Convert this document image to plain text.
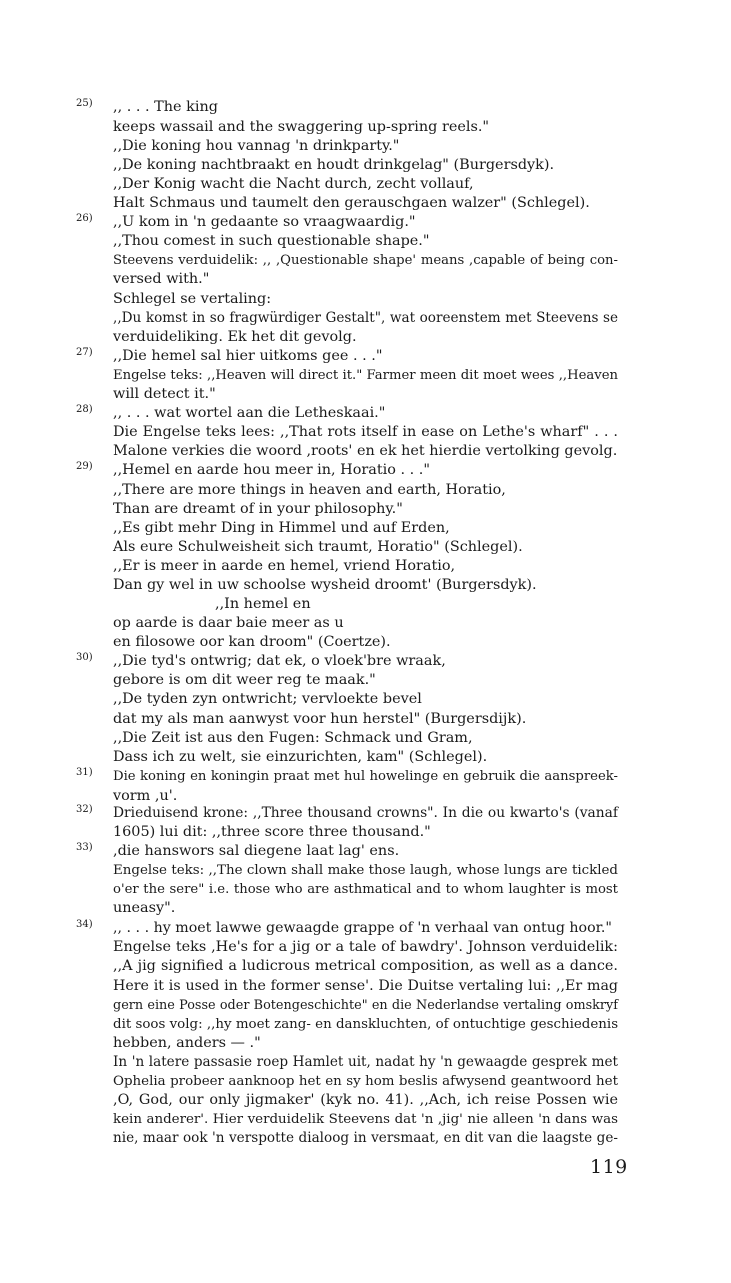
25) ,, . . . The king
keeps wassail and the swaggering up-spring reels."
,,Die koning hou vannag 'n drinkparty."
,,De koning nachtbraakt en houdt drinkgelag" (Burgersdyk).
,,Der Konig wacht die Nacht durch, zecht vollauf,
Halt Schmaus und taumelt den gerauschgaen walzer" (Schlegel).
26) ,,U kom in 'n gedaante so vraagwaardig."
,,Thou comest in such questionable shape."
Steevens verduidelik: ,, ,Questionable shape' means ,capable of being con-
versed with."
Schlegel se vertaling:
,,Du komst in so fragwürdiger Gestalt", wat ooreenstem met Steevens se
verduideliking. Ek het dit gevolg.
27) ,,Die hemel sal hier uitkoms gee . . ."
Engelse teks: ,,Heaven will direct it." Farmer meen dit moet wees ,,Heaven
will detect it."
28) ,, . . . wat wortel aan die Letheskaai."
Die Engelse teks lees: ,,That rots itself in ease on Lethe's wharf" . . .
Malone verkies die woord ,roots' en ek het hierdie vertolking gevolg.
29) ,,Hemel en aarde hou meer in, Horatio . . ."
,,There are more things in heaven and earth, Horatio,
Than are dreamt of in your philosophy."
,,Es gibt mehr Ding in Himmel und auf Erden,
Als eure Schulweisheit sich traumt, Horatio" (Schlegel).
,,Er is meer in aarde en hemel, vriend Horatio,
Dan gy wel in uw schoolse wysheid droomt' (Burgersdyk).
,,In hemel en
op aarde is daar baie meer as u
en filosowe oor kan droom" (Coertze).
30) ,,Die tyd's ontwrig; dat ek, o vloek'bre wraak,
gebore is om dit weer reg te maak."
,,De tyden zyn ontwricht; vervloekte bevel
dat my als man aanwyst voor hun herstel" (Burgersdijk).
,,Die Zeit ist aus den Fugen: Schmack und Gram,
Dass ich zu welt, sie einzurichten, kam" (Schlegel).
31) Die koning en koningin praat met hul howelinge en gebruik die aanspreek-
vorm ,u'.
32) Drieduisend krone: ,,Three thousand crowns". In die ou kwarto's (vanaf
1605) lui dit: ,,three score three thousand."
33) ,die hanswors sal diegene laat lag' ens.
Engelse teks: ,,The clown shall make those laugh, whose lungs are tickled
o'er the sere" i.e. those who are asthmatical and to whom laughter is most
uneasy".
34) ,, . . . hy moet lawwe gewaagde grappe of 'n verhaal van ontug hoor."
Engelse teks ,He's for a jig or a tale of bawdry'. Johnson verduidelik:
,,A jig signified a ludicrous metrical composition, as well as a dance.
Here it is used in the former sense'. Die Duitse vertaling lui: ,,Er mag
gern eine Posse oder Botengeschichte" en die Nederlandse vertaling omskryf
dit soos volg: ,,hy moet zang- en danskluchten, of ontuchtige geschiedenis
hebben, anders — ."
In 'n latere passasie roep Hamlet uit, nadat hy 'n gewaagde gesprek met
Ophelia probeer aanknoop het en sy hom beslis afwysend geantwoord het
,O, God, our only jigmaker' (kyk no. 41). ,,Ach, ich reise Possen wie
kein anderer'. Hier verduidelik Steevens dat 'n ,jig' nie alleen 'n dans was
nie, maar ook 'n verspotte dialoog in versmaat, en dit van die laagste ge-
119
